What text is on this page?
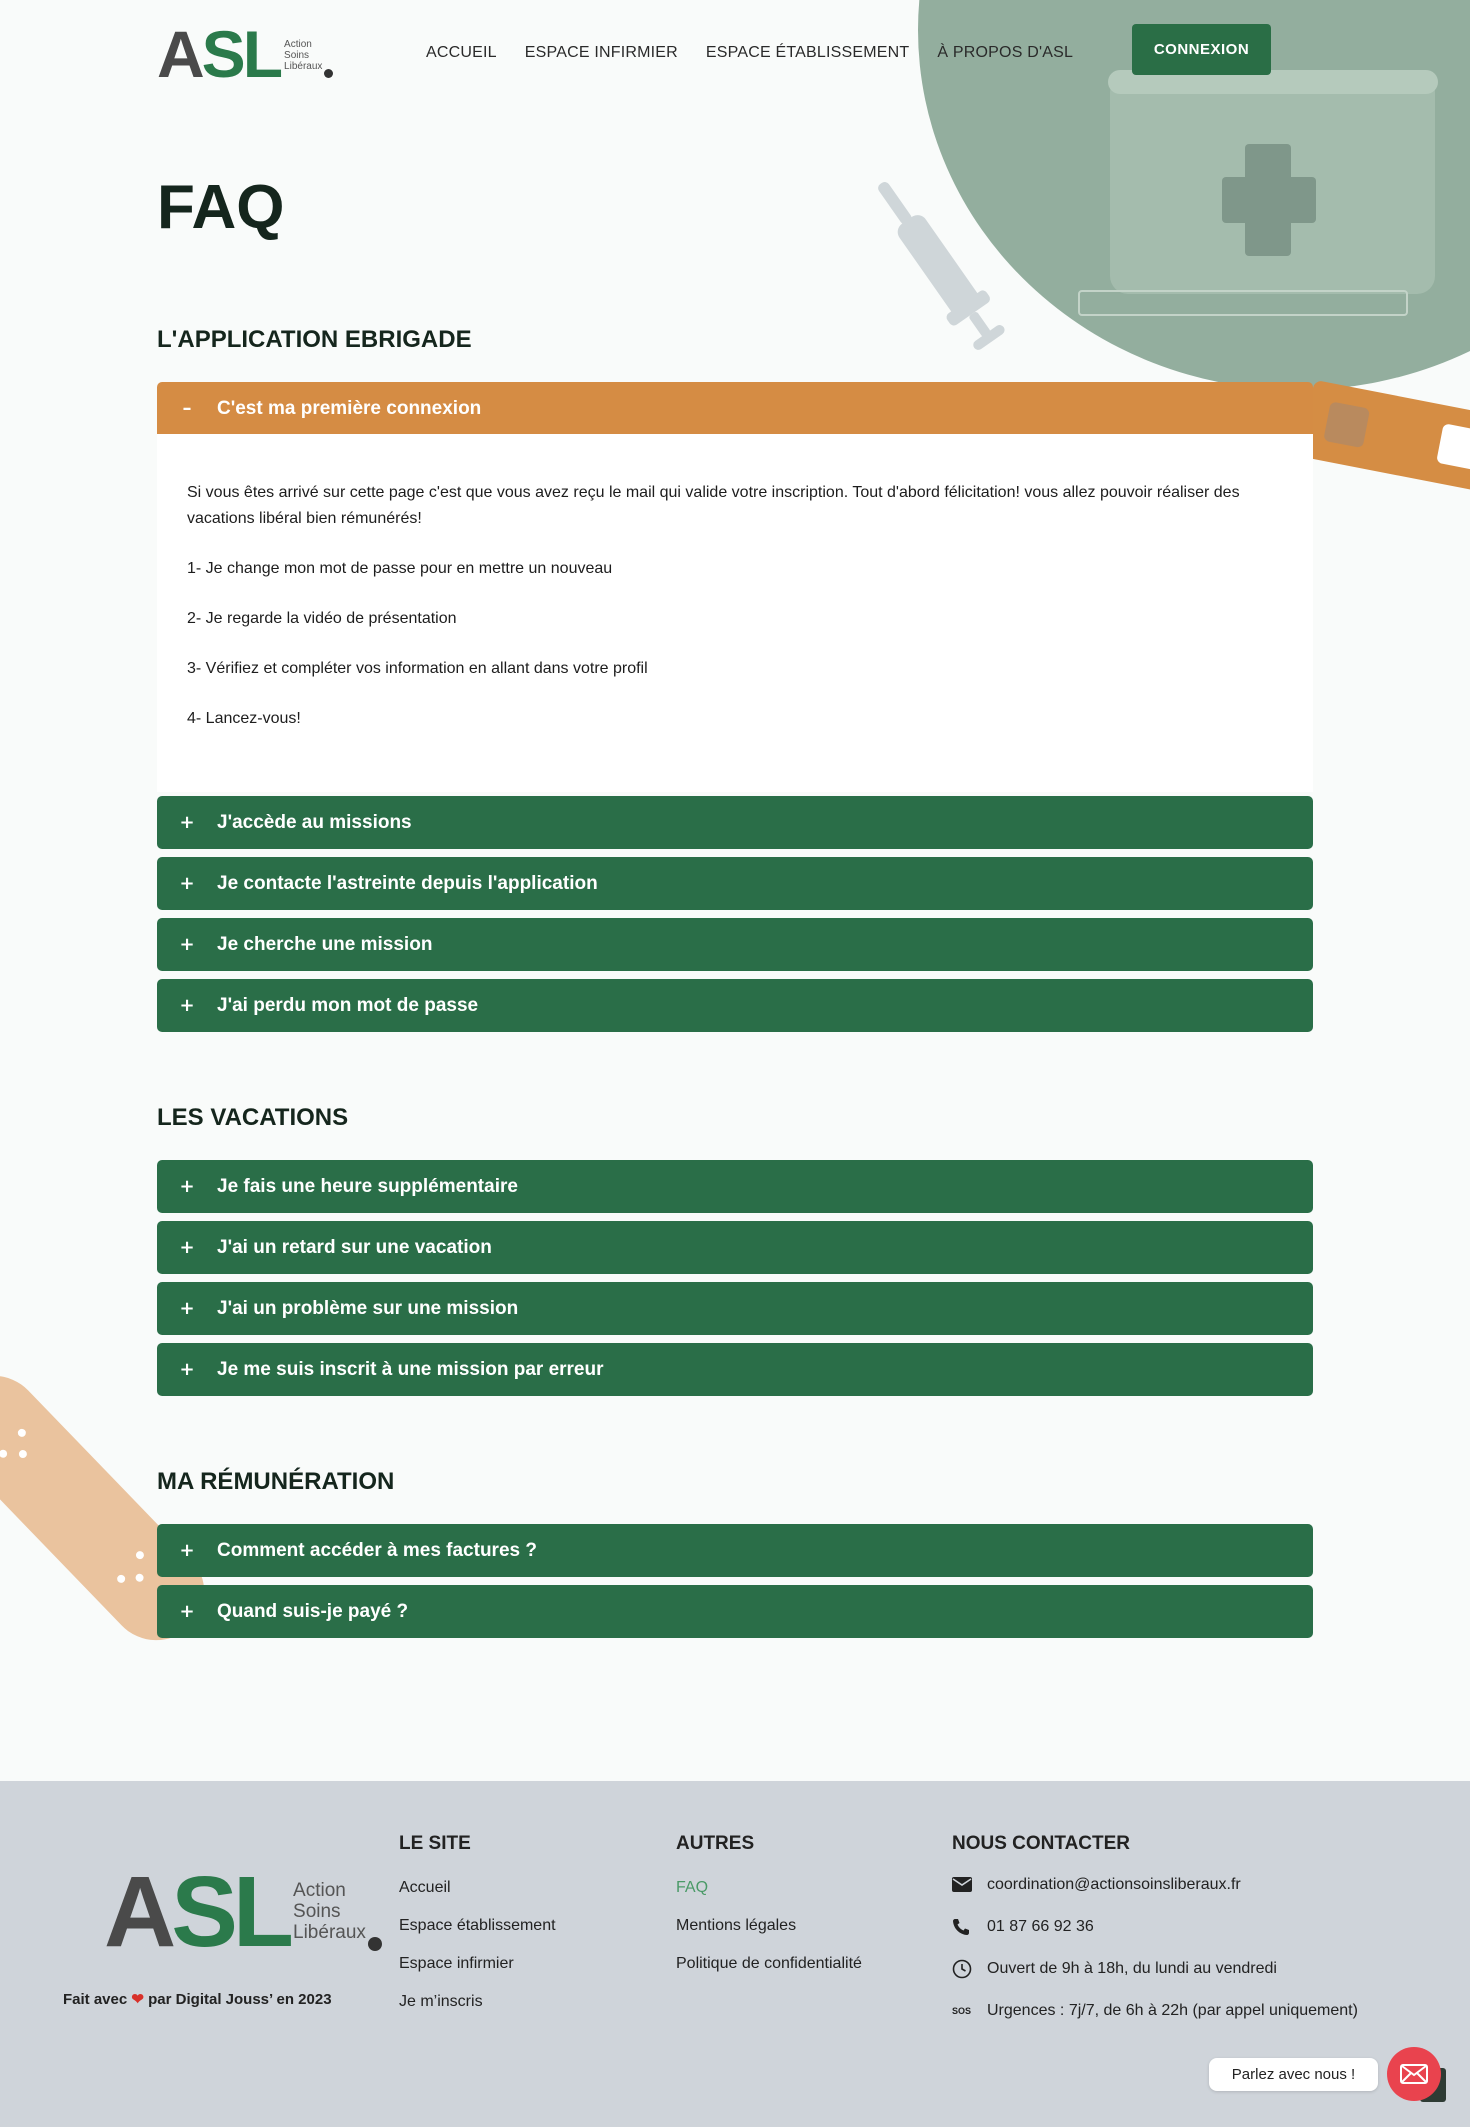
ASL Action
Soins
Libéraux
ACCUEIL ESPACE INFIRMIER ESPACE ÉTABLISSEMENT À PROPOS D'ASL	CONNEXION
FAQ
L'APPLICATION EBRIGADE
–	C'est ma première connexion

Si vous êtes arrivé sur cette page c'est que vous avez reçu le mail qui valide votre inscription. Tout d'abord félicitation! vous allez pouvoir réaliser des vacations libéral bien rémunérés!

1- Je change mon mot de passe pour en mettre un nouveau

2- Je regarde la vidéo de présentation

3- Vérifiez et compléter vos information en allant dans votre profil

4- Lancez-vous!

+	J'accède au missions
+	Je contacte l'astreinte depuis l'application
+	Je cherche une mission
+	J'ai perdu mon mot de passe
LES VACATIONS
+	Je fais une heure supplémentaire
+	J'ai un retard sur une vacation
+	J'ai un problème sur une mission
+	Je me suis inscrit à une mission par erreur
MA RÉMUNÉRATION
+	Comment accéder à mes factures ?
+	Quand suis-je payé ?
ASL Action
Soins
Libéraux
Fait avec ❤ par Digital Jouss’ en 2023
LE SITE
Accueil
Espace établissement
Espace infirmier
Je m’inscris
AUTRES
FAQ
Mentions légales
Politique de confidentialité
NOUS CONTACTER
coordination@actionsoinsliberaux.fr
01 87 66 92 36
Ouvert de 9h à 18h, du lundi au vendredi
SOS Urgences : 7j/7, de 6h à 22h (par appel uniquement)
Parlez avec nous !
